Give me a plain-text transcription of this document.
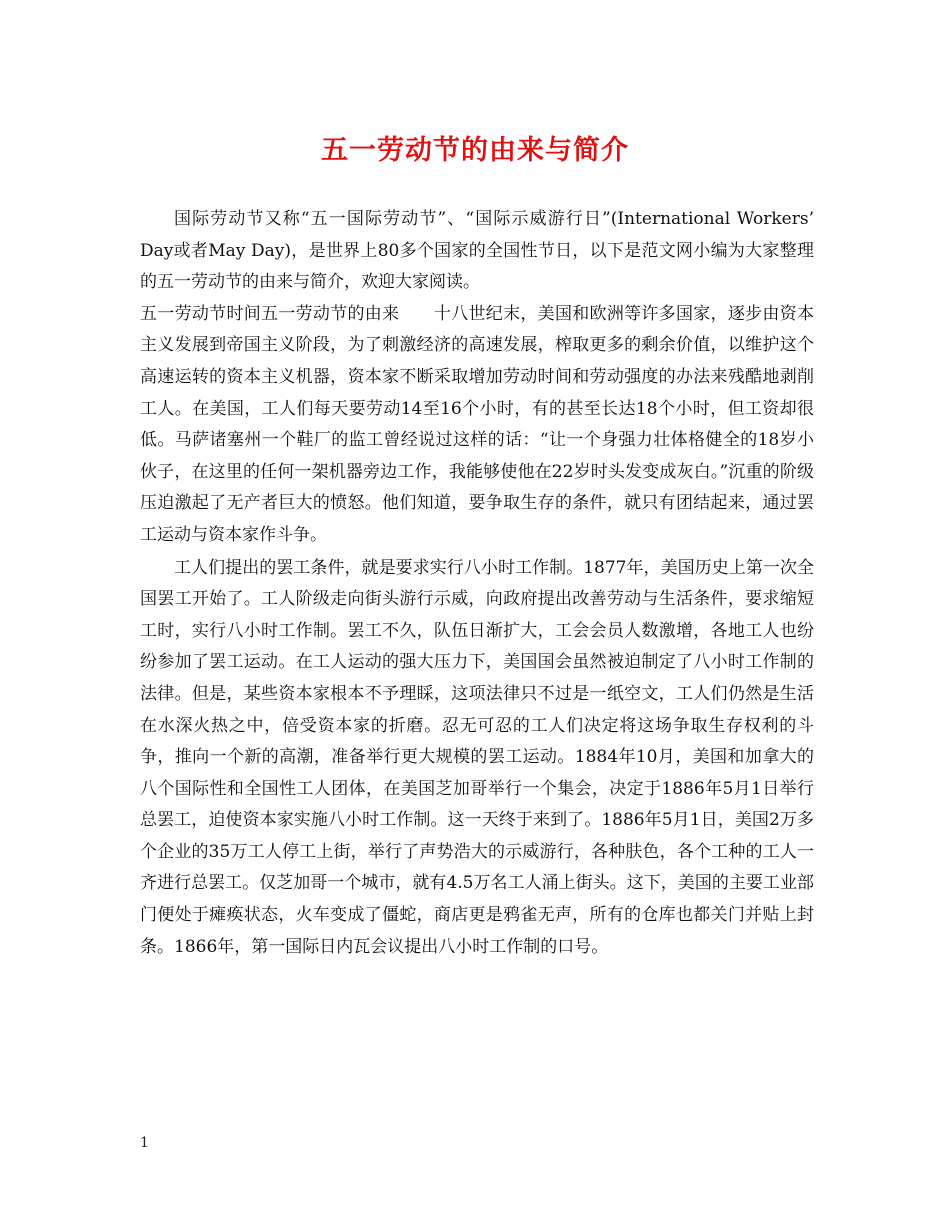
五一劳动节的由来与简介

国际劳动节又称“五一国际劳动节”、“国际示威游行日”(International Workers’ Day或者May Day)，是世界上80多个国家的全国性节日，以下是范文网小编为大家整理的五一劳动节的由来与简介，欢迎大家阅读。

五一劳动节时间五一劳动节的由来　　十八世纪末，美国和欧洲等许多国家，逐步由资本主义发展到帝国主义阶段，为了刺激经济的高速发展，榨取更多的剩余价值，以维护这个高速运转的资本主义机器，资本家不断采取增加劳动时间和劳动强度的办法来残酷地剥削工人。在美国，工人们每天要劳动14至16个小时，有的甚至长达18个小时，但工资却很低。马萨诸塞州一个鞋厂的监工曾经说过这样的话：“让一个身强力壮体格健全的18岁小伙子，在这里的任何一架机器旁边工作，我能够使他在22岁时头发变成灰白。”沉重的阶级压迫激起了无产者巨大的愤怒。他们知道，要争取生存的条件，就只有团结起来，通过罢工运动与资本家作斗争。

工人们提出的罢工条件，就是要求实行八小时工作制。1877年，美国历史上第一次全国罢工开始了。工人阶级走向街头游行示威，向政府提出改善劳动与生活条件，要求缩短工时，实行八小时工作制。罢工不久，队伍日渐扩大，工会会员人数激增，各地工人也纷纷参加了罢工运动。在工人运动的强大压力下，美国国会虽然被迫制定了八小时工作制的法律。但是，某些资本家根本不予理睬，这项法律只不过是一纸空文，工人们仍然是生活在水深火热之中，倍受资本家的折磨。忍无可忍的工人们决定将这场争取生存权利的斗争，推向一个新的高潮，准备举行更大规模的罢工运动。1884年10月，美国和加拿大的八个国际性和全国性工人团体，在美国芝加哥举行一个集会，决定于1886年5月1日举行总罢工，迫使资本家实施八小时工作制。这一天终于来到了。1886年5月1日，美国2万多个企业的35万工人停工上街，举行了声势浩大的示威游行，各种肤色，各个工种的工人一齐进行总罢工。仅芝加哥一个城市，就有4.5万名工人涌上街头。这下，美国的主要工业部门便处于瘫痪状态，火车变成了僵蛇，商店更是鸦雀无声，所有的仓库也都关门并贴上封条。1866年，第一国际日内瓦会议提出八小时工作制的口号。

1
